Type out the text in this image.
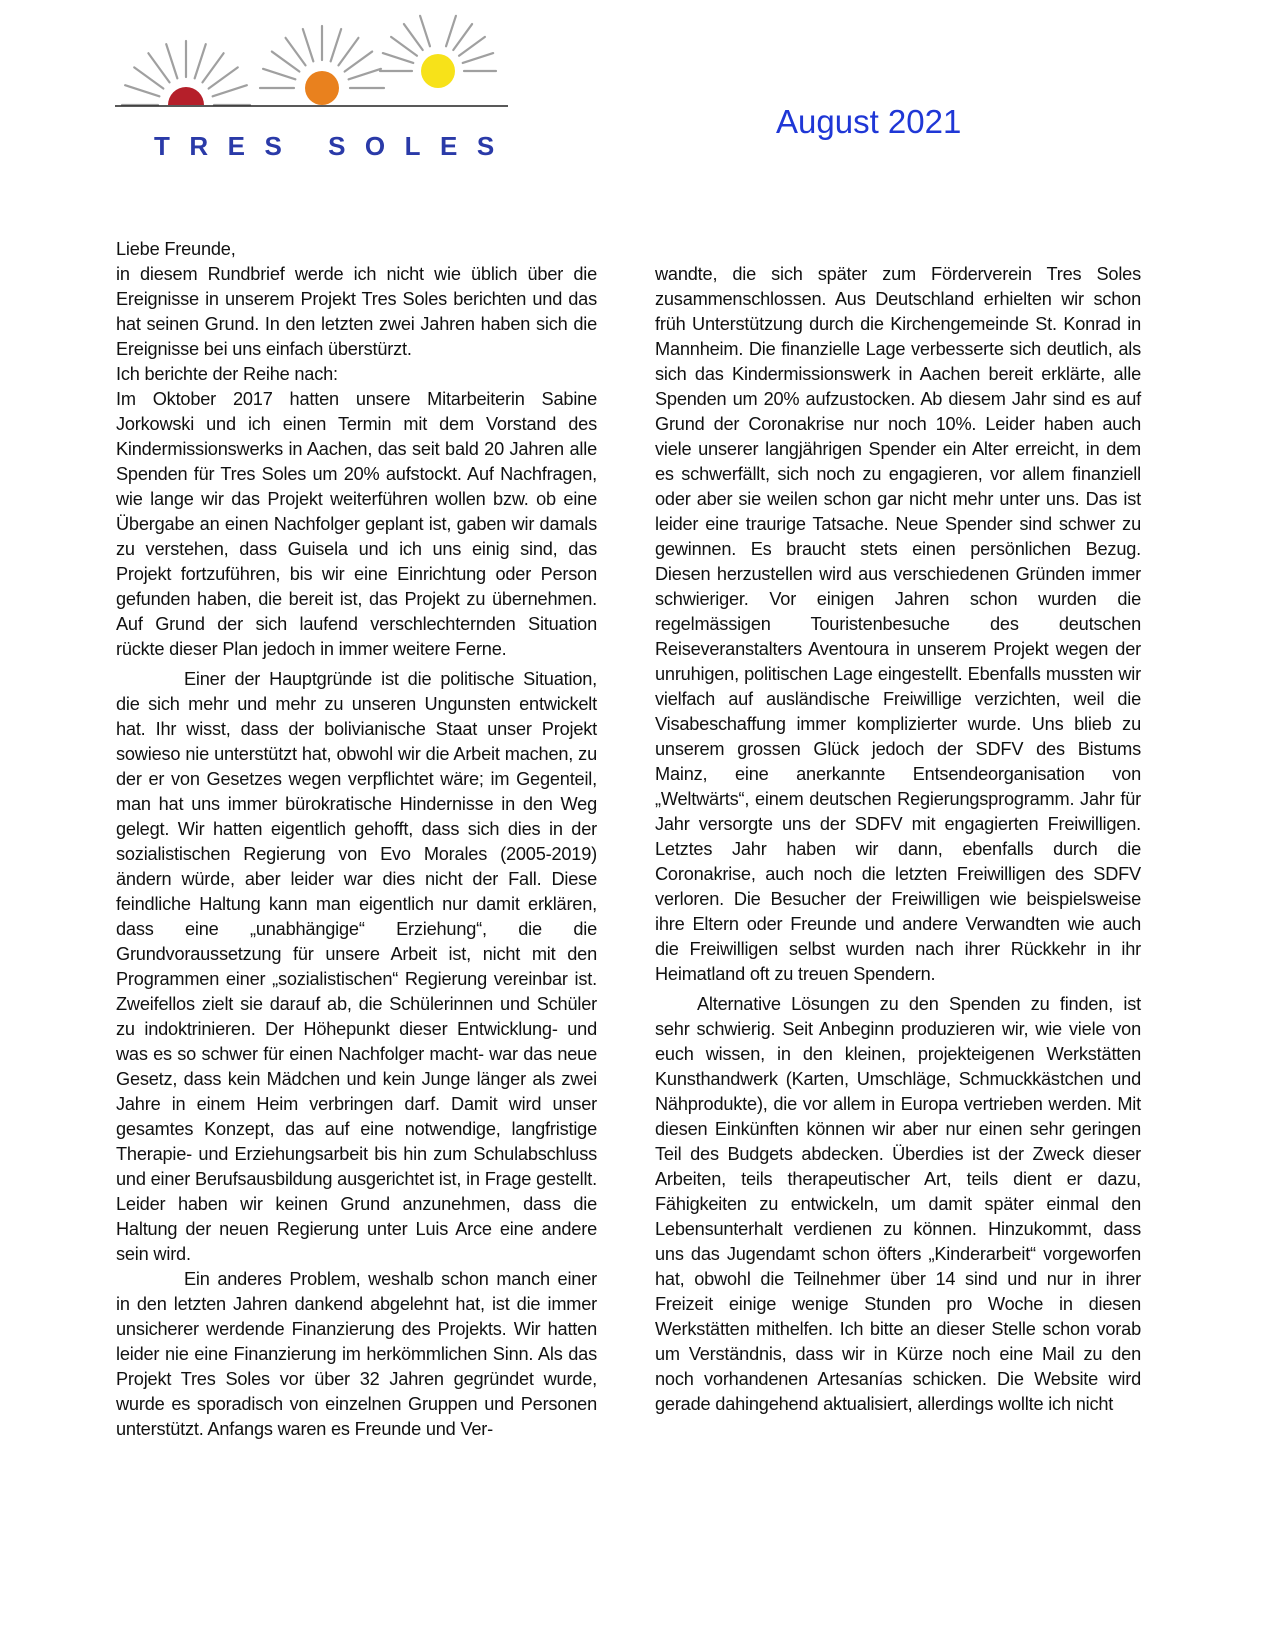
TRES SOLES
August 2021

Liebe Freunde,

in diesem Rundbrief werde ich nicht wie üblich über die Ereignisse in unserem Projekt Tres Soles berichten und das hat seinen Grund. In den letzten zwei Jahren haben sich die Ereignisse bei uns einfach überstürzt.

Ich berichte der Reihe nach:

Im Oktober 2017 hatten unsere Mitarbeiterin Sabine Jorkowski und ich einen Termin mit dem Vorstand des Kindermissionswerks in Aachen, das seit bald 20 Jahren alle Spenden für Tres Soles um 20% aufstockt. Auf Nachfragen, wie lange wir das Projekt weiterführen wollen bzw. ob eine Übergabe an einen Nachfolger geplant ist, gaben wir damals zu verstehen, dass Guisela und ich uns einig sind, das Projekt fortzuführen, bis wir eine Einrichtung oder Person gefunden haben, die bereit ist, das Projekt zu übernehmen. Auf Grund der sich laufend verschlechternden Situation rückte dieser Plan jedoch in immer weitere Ferne.

Einer der Hauptgründe ist die politische Situation, die sich mehr und mehr zu unseren Ungunsten entwickelt hat. Ihr wisst, dass der bolivianische Staat unser Projekt sowieso nie unterstützt hat, obwohl wir die Arbeit machen, zu der er von Gesetzes wegen verpflichtet wäre; im Gegenteil, man hat uns immer bürokratische Hindernisse in den Weg gelegt. Wir hatten eigentlich gehofft, dass sich dies in der sozialistischen Regierung von Evo Morales (2005-2019) ändern würde, aber leider war dies nicht der Fall. Diese feindliche Haltung kann man eigentlich nur damit erklären, dass eine „unabhängige“ Erziehung“, die die Grundvoraussetzung für unsere Arbeit ist, nicht mit den Programmen einer „sozialistischen“ Regierung vereinbar ist. Zweifellos zielt sie darauf ab, die Schülerinnen und Schüler zu indoktrinieren. Der Höhepunkt dieser Entwicklung- und was es so schwer für einen Nachfolger macht- war das neue Gesetz, dass kein Mädchen und kein Junge länger als zwei Jahre in einem Heim verbringen darf. Damit wird unser gesamtes Konzept, das auf eine notwendige, langfristige Therapie- und Erziehungsarbeit bis hin zum Schulabschluss und einer Berufsausbildung ausgerichtet ist, in Frage gestellt. Leider haben wir keinen Grund anzunehmen, dass die Haltung der neuen Regierung unter Luis Arce eine andere sein wird.

Ein anderes Problem, weshalb schon manch einer in den letzten Jahren dankend abgelehnt hat, ist die immer unsicherer werdende Finanzierung des Projekts. Wir hatten leider nie eine Finanzierung im herkömmlichen Sinn. Als das Projekt Tres Soles vor über 32 Jahren gegründet wurde, wurde es sporadisch von einzelnen Gruppen und Personen unterstützt. Anfangs waren es Freunde und Ver-

wandte, die sich später zum Förderverein Tres Soles zusammenschlossen. Aus Deutschland erhielten wir schon früh Unterstützung durch die Kirchengemeinde St. Konrad in Mannheim. Die finanzielle Lage verbesserte sich deutlich, als sich das Kindermissionswerk in Aachen bereit erklärte, alle Spenden um 20% aufzustocken. Ab diesem Jahr sind es auf Grund der Coronakrise nur noch 10%. Leider haben auch viele unserer langjährigen Spender ein Alter erreicht, in dem es schwerfällt, sich noch zu engagieren, vor allem finanziell oder aber sie weilen schon gar nicht mehr unter uns. Das ist leider eine traurige Tatsache. Neue Spender sind schwer zu gewinnen. Es braucht stets einen persönlichen Bezug. Diesen herzustellen wird aus verschiedenen Gründen immer schwieriger. Vor einigen Jahren schon wurden die regelmässigen Touristenbesuche des deutschen Reiseveranstalters Aventoura in unserem Projekt wegen der unruhigen, politischen Lage eingestellt. Ebenfalls mussten wir vielfach auf ausländische Freiwillige verzichten, weil die Visabeschaffung immer komplizierter wurde. Uns blieb zu unserem grossen Glück jedoch der SDFV des Bistums Mainz, eine anerkannte Entsendeorganisation von „Weltwärts“, einem deutschen Regierungsprogramm. Jahr für Jahr versorgte uns der SDFV mit engagierten Freiwilligen. Letztes Jahr haben wir dann, ebenfalls durch die Coronakrise, auch noch die letzten Freiwilligen des SDFV verloren. Die Besucher der Freiwilligen wie beispielsweise ihre Eltern oder Freunde und andere Verwandten wie auch die Freiwilligen selbst wurden nach ihrer Rückkehr in ihr Heimatland oft zu treuen Spendern.

Alternative Lösungen zu den Spenden zu finden, ist sehr schwierig. Seit Anbeginn produzieren wir, wie viele von euch wissen, in den kleinen, projekteigenen Werkstätten Kunsthandwerk (Karten, Umschläge, Schmuckkästchen und Nähprodukte), die vor allem in Europa vertrieben werden. Mit diesen Einkünften können wir aber nur einen sehr geringen Teil des Budgets abdecken. Überdies ist der Zweck dieser Arbeiten, teils therapeutischer Art, teils dient er dazu, Fähigkeiten zu entwickeln, um damit später einmal den Lebensunterhalt verdienen zu können. Hinzukommt, dass uns das Jugendamt schon öfters „Kinderarbeit“ vorgeworfen hat, obwohl die Teilnehmer über 14 sind und nur in ihrer Freizeit einige wenige Stunden pro Woche in diesen Werkstätten mithelfen. Ich bitte an dieser Stelle schon vorab um Verständnis, dass wir in Kürze noch eine Mail zu den noch vorhandenen Artesanías schicken. Die Website wird gerade dahingehend aktualisiert, allerdings wollte ich nicht
